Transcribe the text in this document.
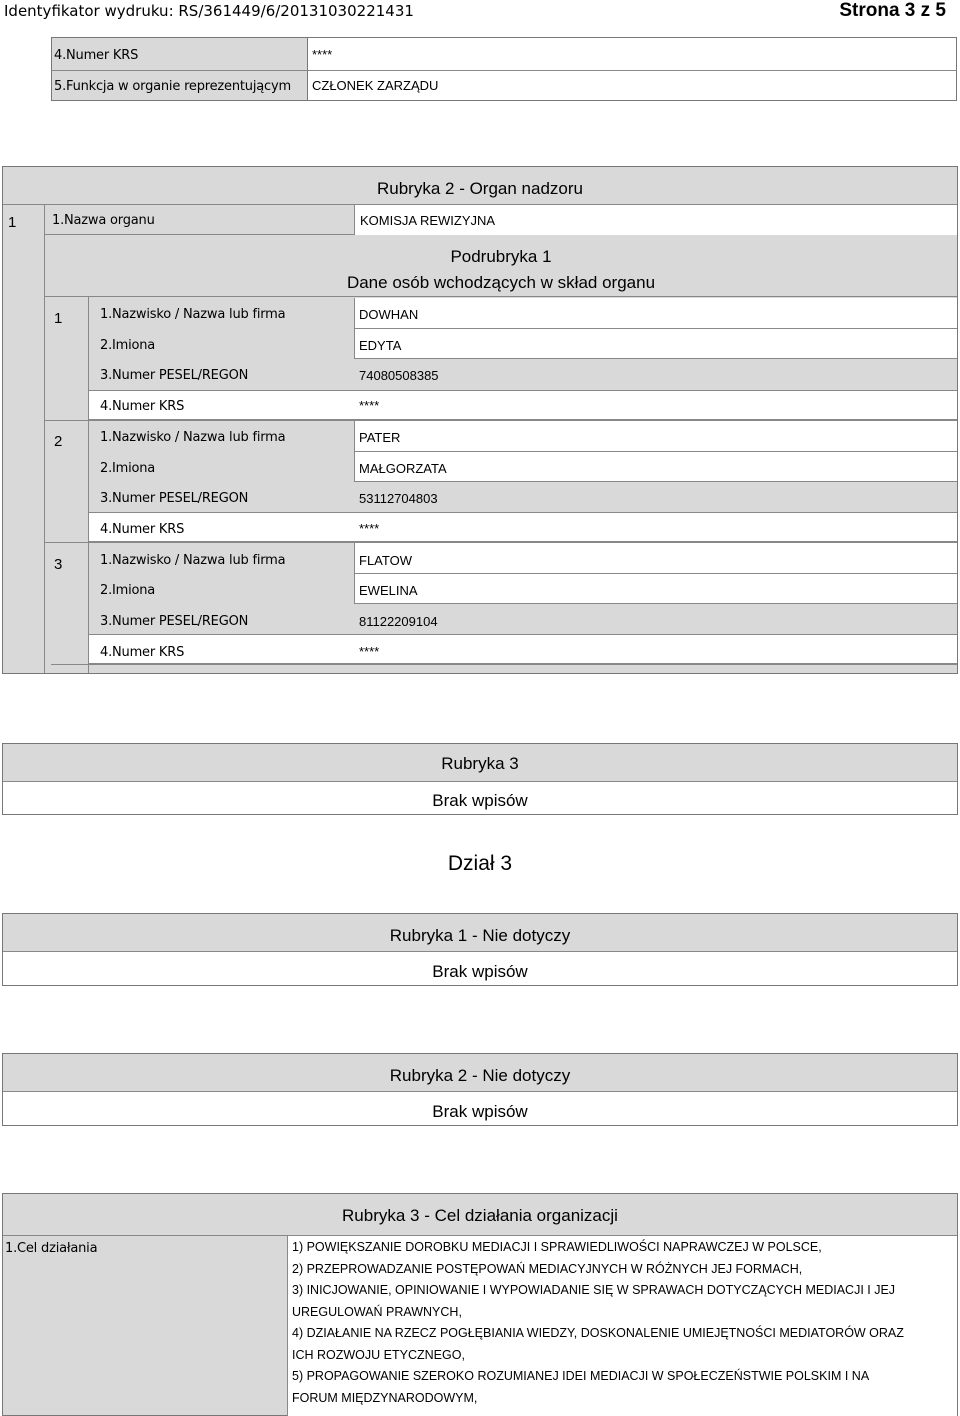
Identyfikator wydruku: RS/361449/6/20131030221431	Strona 3 z 5
4.Numer KRS	****
5.Funkcja w organie reprezentującym CZŁONEK ZARZĄDU
Rubryka 2 - Organ nadzoru
1	1.Nazwa organu	KOMISJA REWIZYJNA
Podrubryka 1
Dane osób wchodzących w skład organu
1	1.Nazwisko / Nazwa lub firma	DOWHAN
2.Imiona	EDYTA
3.Numer PESEL/REGON	74080508385
4.Numer KRS	****
2	1.Nazwisko / Nazwa lub firma	PATER
2.Imiona	MAŁGORZATA
3.Numer PESEL/REGON	53112704803
4.Numer KRS	****
3	1.Nazwisko / Nazwa lub firma	FLATOW
2.Imiona	EWELINA
3.Numer PESEL/REGON	81122209104
4.Numer KRS	****
Rubryka 3
Brak wpisów
Dział 3
Rubryka 1 - Nie dotyczy
Brak wpisów
Rubryka 2 - Nie dotyczy
Brak wpisów
Rubryka 3 - Cel działania organizacji
1.Cel działania	1) POWIĘKSZANIE DOROBKU MEDIACJI I SPRAWIEDLIWOŚCI NAPRAWCZEJ W POLSCE,
2) PRZEPROWADZANIE POSTĘPOWAŃ MEDIACYJNYCH W RÓŻNYCH JEJ FORMACH,
3) INICJOWANIE, OPINIOWANIE I WYPOWIADANIE SIĘ W SPRAWACH DOTYCZĄCYCH MEDIACJI I JEJ
UREGULOWAŃ PRAWNYCH,
4) DZIAŁANIE NA RZECZ POGŁĘBIANIA WIEDZY, DOSKONALENIE UMIEJĘTNOŚCI MEDIATORÓW ORAZ
ICH ROZWOJU ETYCZNEGO,
5) PROPAGOWANIE SZEROKO ROZUMIANEJ IDEI MEDIACJI W SPOŁECZEŃSTWIE POLSKIM I NA
FORUM MIĘDZYNARODOWYM,
